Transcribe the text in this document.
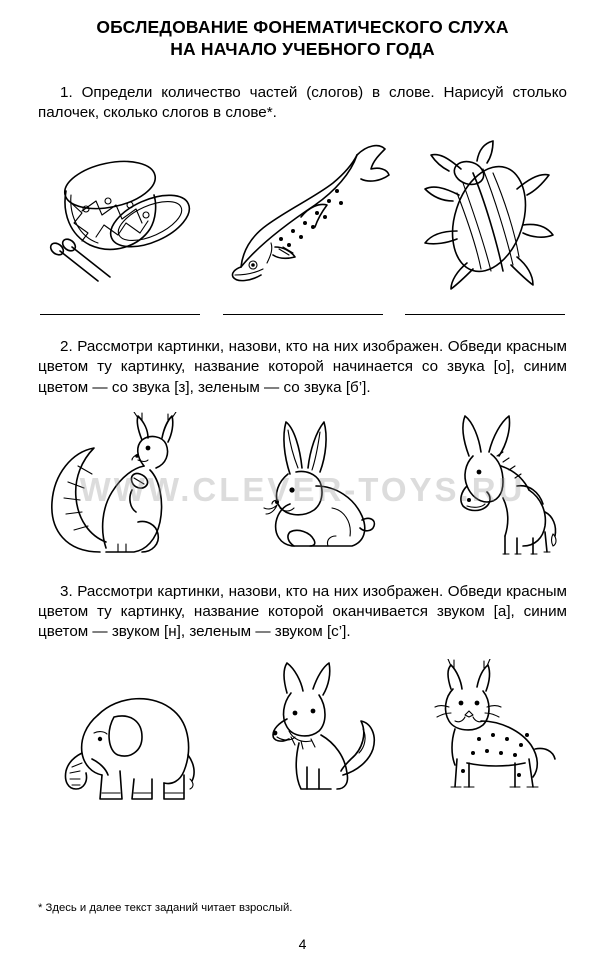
ОБСЛЕДОВАНИЕ ФОНЕМАТИЧЕСКОГО СЛУХА
НА НАЧАЛО УЧЕБНОГО ГОДА

1. Определи количество частей (слогов) в слове. Нарисуй столько палочек, сколько слогов в слове*.

2. Рассмотри картинки, назови, кто на них изображен. Обведи красным цветом ту картинку, название которой начинается со звука [о], синим цветом — со звука [з], зеленым — со звука [б’].

WWW.CLEVER-TOYS.RU

3. Рассмотри картинки, назови, кто на них изображен. Обведи красным цветом ту картинку, название которой оканчивается звуком [а], синим цветом — звуком [н], зеленым — звуком [с’].

* Здесь и далее текст заданий читает взрослый.
4
